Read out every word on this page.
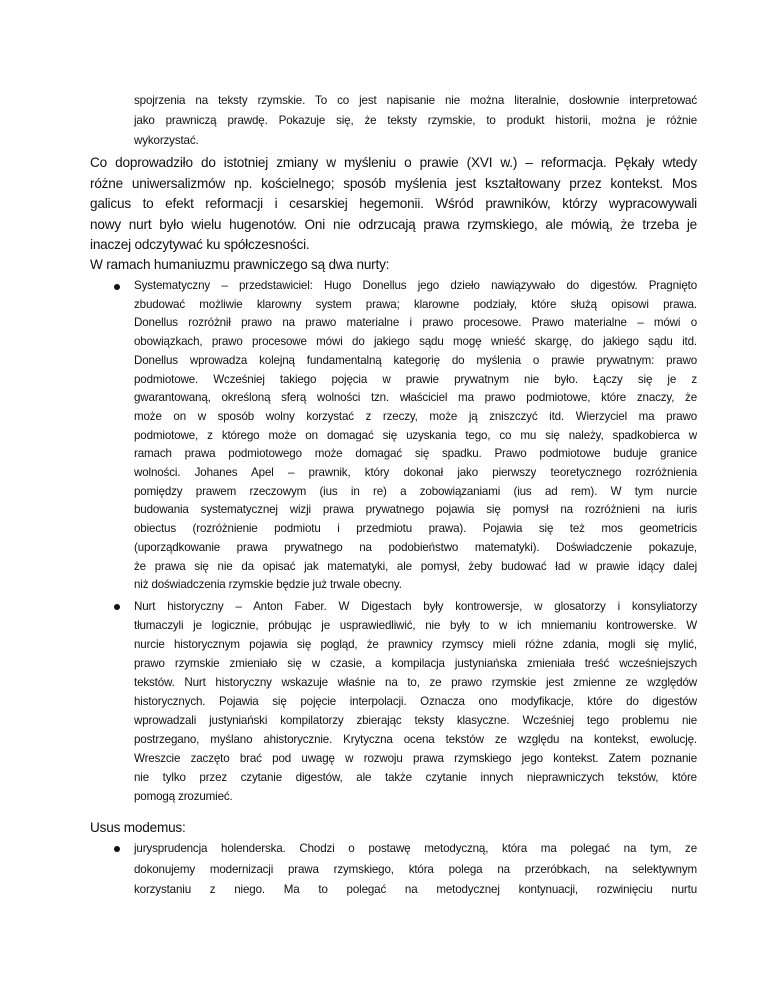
spojrzenia na teksty rzymskie. To co jest napisanie nie można literalnie, dosłownie interpretować
jako prawniczą prawdę. Pokazuje się, że teksty rzymskie, to produkt historii, można je różnie
wykorzystać.
Co doprowadziło do istotniej zmiany w myśleniu o prawie (XVI w.) – reformacja. Pękały wtedy
różne uniwersalizmów np. kościelnego; sposób myślenia jest kształtowany przez kontekst. Mos
galicus to efekt reformacji i cesarskiej hegemonii. Wśród prawników, którzy wypracowywali
nowy nurt było wielu hugenotów. Oni nie odrzucają prawa rzymskiego, ale mówią, że trzeba je
inaczej odczytywać ku spółczesności.
W ramach humaniuzmu prawniczego są dwa nurty:
Systematyczny – przedstawiciel: Hugo Donellus jego dzieło nawiązywało do digestów. Pragnięto
zbudować możliwie klarowny system prawa; klarowne podziały, które służą opisowi prawa.
Donellus rozróżnił prawo na prawo materialne i prawo procesowe. Prawo materialne – mówi o
obowiązkach, prawo procesowe mówi do jakiego sądu mogę wnieść skargę, do jakiego sądu itd.
Donellus wprowadza kolejną fundamentalną kategorię do myślenia o prawie prywatnym: prawo
podmiotowe. Wcześniej takiego pojęcia w prawie prywatnym nie było. Łączy się je z
gwarantowaną, określoną sferą wolności tzn. właściciel ma prawo podmiotowe, które znaczy, że
może on w sposób wolny korzystać z rzeczy, może ją zniszczyć itd. Wierzyciel ma prawo
podmiotowe, z którego może on domagać się uzyskania tego, co mu się należy, spadkobierca w
ramach prawa podmiotowego może domagać się spadku. Prawo podmiotowe buduje granice
wolności. Johanes Apel – prawnik, który dokonał jako pierwszy teoretycznego rozróżnienia
pomiędzy prawem rzeczowym (ius in re) a zobowiązaniami (ius ad rem). W tym nurcie
budowania systematycznej wizji prawa prywatnego pojawia się pomysł na rozróżnieni na iuris
obiectus (rozróżnienie podmiotu i przedmiotu prawa). Pojawia się też mos geometricis
(uporządkowanie prawa prywatnego na podobieństwo matematyki). Doświadczenie pokazuje,
że prawa się nie da opisać jak matematyki, ale pomysł, żeby budować ład w prawie idący dalej
niż doświadczenia rzymskie będzie już trwale obecny.
Nurt historyczny – Anton Faber. W Digestach były kontrowersje, w glosatorzy i konsyliatorzy
tłumaczyli je logicznie, próbując je usprawiedliwić, nie były to w ich mniemaniu kontrowerske. W
nurcie historycznym pojawia się pogląd, że prawnicy rzymscy mieli różne zdania, mogli się mylić,
prawo rzymskie zmieniało się w czasie, a kompilacja justyniańska zmieniała treść wcześniejszych
tekstów. Nurt historyczny wskazuje właśnie na to, ze prawo rzymskie jest zmienne ze względów
historycznych. Pojawia się pojęcie interpolacji. Oznacza ono modyfikacje, które do digestów
wprowadzali justyniański kompilatorzy zbierając teksty klasyczne. Wcześniej tego problemu nie
postrzegano, myślano ahistorycznie. Krytyczna ocena tekstów ze względu na kontekst, ewolucję.
Wreszcie zaczęto brać pod uwagę w rozwoju prawa rzymskiego jego kontekst. Zatem poznanie
nie tylko przez czytanie digestów, ale także czytanie innych nieprawniczych tekstów, które
pomogą zrozumieć.
Usus modemus:
jurysprudencja holenderska. Chodzi o postawę metodyczną, która ma polegać na tym, ze
dokonujemy modernizacji prawa rzymskiego, która polega na przeróbkach, na selektywnym
korzystaniu z niego. Ma to polegać na metodycznej kontynuacji, rozwinięciu nurtu
